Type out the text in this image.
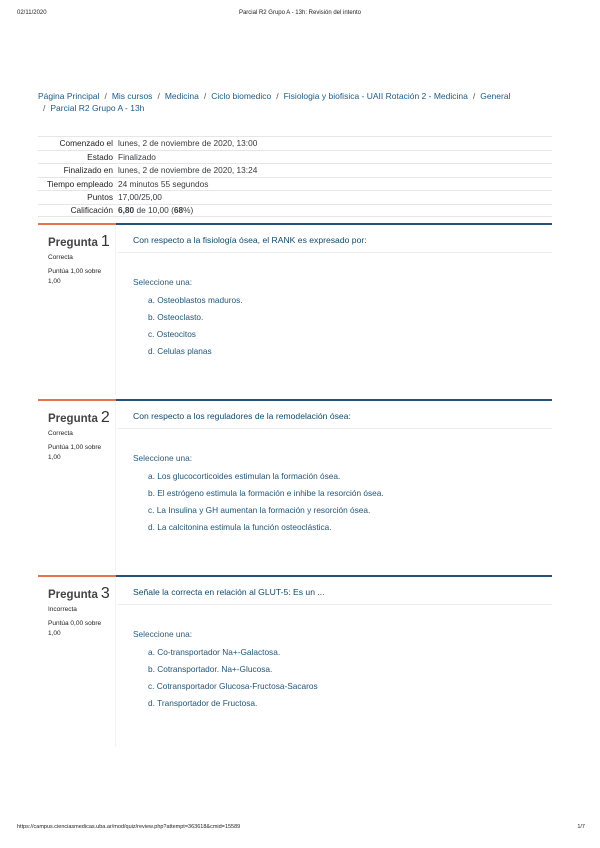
02/11/2020	Parcial R2 Grupo A - 13h: Revisión del intento
Página Principal / Mis cursos / Medicina / Ciclo biomedico / Fisiologia y biofisica - UAII Rotación 2 - Medicina / General
/ Parcial R2 Grupo A - 13h
Comenzado el lunes, 2 de noviembre de 2020, 13:00
Estado Finalizado
Finalizado en lunes, 2 de noviembre de 2020, 13:24
Tiempo empleado 24 minutos 55 segundos
Puntos 17,00/25,00
Calificación 6,80 de 10,00 (68%)
Pregunta 1
Correcta
Puntúa 1,00 sobre 1,00
Con respecto a la fisiología ósea, el RANK es expresado por:
Seleccione una:
a. Osteoblastos maduros.
b. Osteoclasto.
c. Osteocitos
d. Celulas planas
Pregunta 2
Correcta
Puntúa 1,00 sobre 1,00
Con respecto a los reguladores de la remodelación ósea:
Seleccione una:
a. Los glucocorticoides estimulan la formación ósea.
b. El estrógeno estimula la formación e inhibe la resorción ósea.
c. La Insulina y GH aumentan la formación y resorción ósea.
d. La calcitonina estimula la función osteoclástica.
Pregunta 3
Incorrecta
Puntúa 0,00 sobre 1,00
Señale la correcta en relación al GLUT-5: Es un ...
Seleccione una:
a. Co-transportador Na+-Galactosa.
b. Cotransportador. Na+-Glucosa.
c. Cotransportador Glucosa-Fructosa-Sacaros
d. Transportador de Fructosa.
https://campus.cienciasmedicas.uba.ar/mod/quiz/review.php?attempt=363618&cmid=15589	1/7
